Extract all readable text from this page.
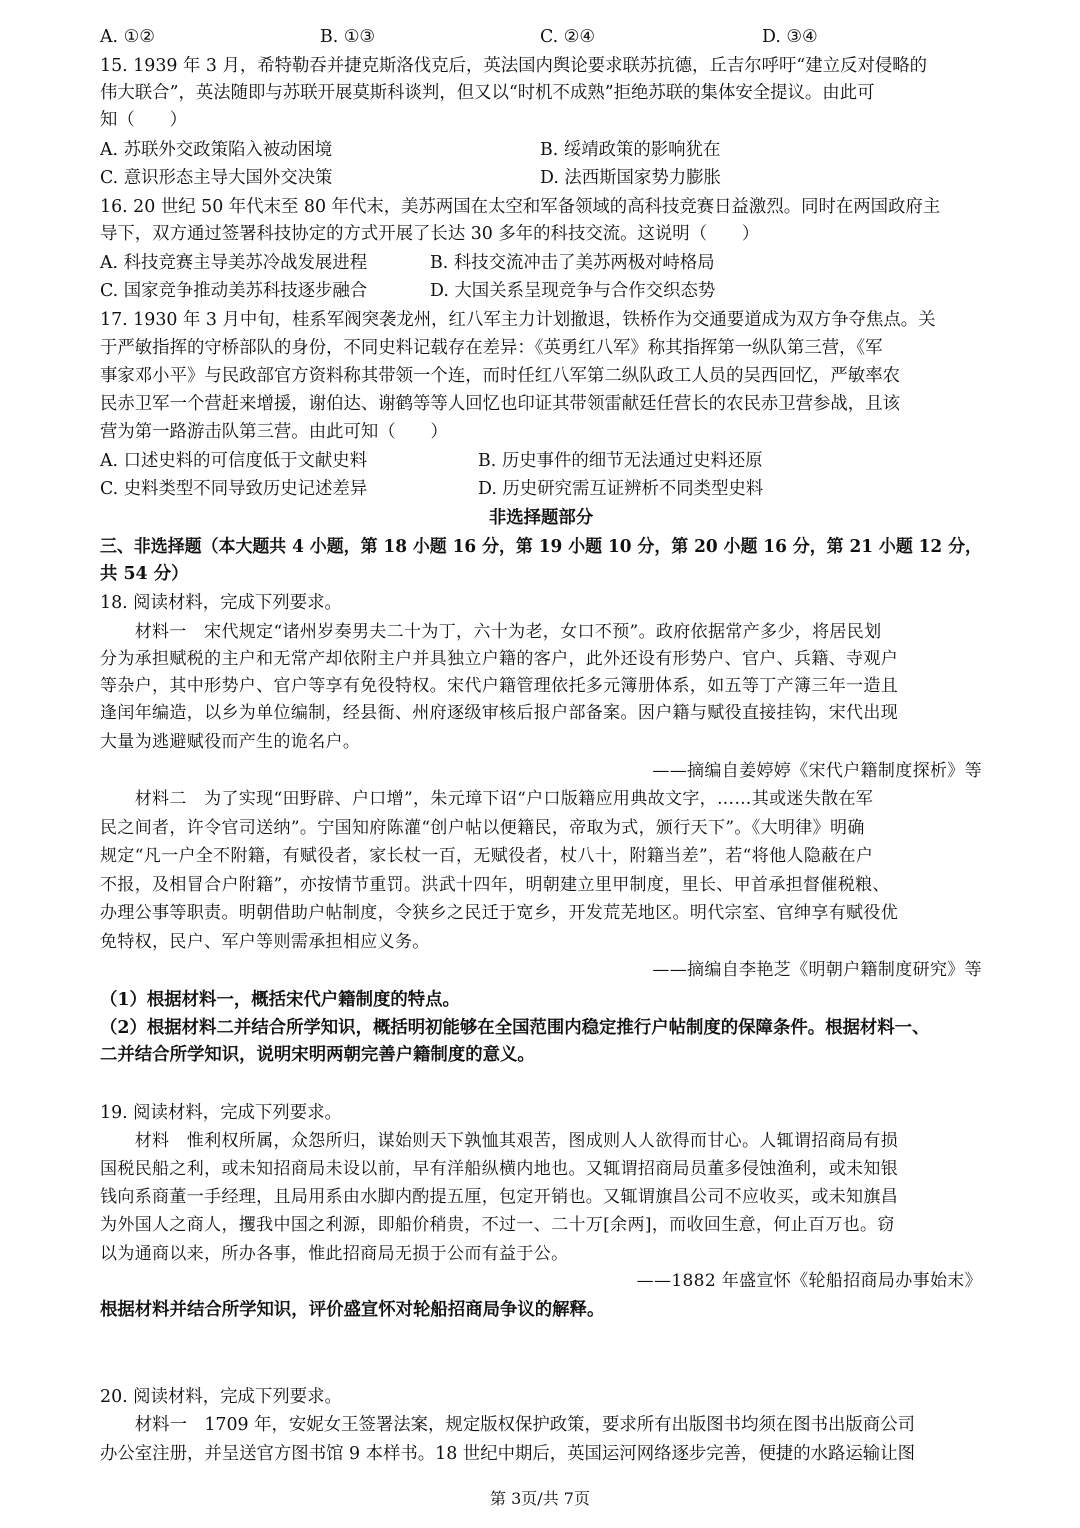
A. ①②	B. ①③	C. ②④	D. ③④
15. 1939 年 3 月，希特勒吞并捷克斯洛伐克后，英法国内舆论要求联苏抗德，丘吉尔呼吁“建立反对侵略的
伟大联合”，英法随即与苏联开展莫斯科谈判，但又以“时机不成熟”拒绝苏联的集体安全提议。由此可
知（　　）
A. 苏联外交政策陷入被动困境	B. 绥靖政策的影响犹在
C. 意识形态主导大国外交决策	D. 法西斯国家势力膨胀
16. 20 世纪 50 年代末至 80 年代末，美苏两国在太空和军备领域的高科技竞赛日益激烈。同时在两国政府主
导下，双方通过签署科技协定的方式开展了长达 30 多年的科技交流。这说明（　　）
A. 科技竞赛主导美苏冷战发展进程	B. 科技交流冲击了美苏两极对峙格局
C. 国家竞争推动美苏科技逐步融合	D. 大国关系呈现竞争与合作交织态势
17. 1930 年 3 月中旬，桂系军阀突袭龙州，红八军主力计划撤退，铁桥作为交通要道成为双方争夺焦点。关
于严敏指挥的守桥部队的身份，不同史料记载存在差异：《英勇红八军》称其指挥第一纵队第三营，《军
事家邓小平》与民政部官方资料称其带领一个连，而时任红八军第二纵队政工人员的吴西回忆，严敏率农
民赤卫军一个营赶来增援，谢伯达、谢鹤等等人回忆也印证其带领雷献廷任营长的农民赤卫营参战，且该
营为第一路游击队第三营。由此可知（　　）
A. 口述史料的可信度低于文献史料	B. 历史事件的细节无法通过史料还原
C. 史料类型不同导致历史记述差异	D. 历史研究需互证辨析不同类型史料
非选择题部分
三、非选择题（本大题共 4 小题，第 18 小题 16 分，第 19 小题 10 分，第 20 小题 16 分，第 21 小题 12 分，
共 54 分）
18. 阅读材料，完成下列要求。
　　材料一　宋代规定“诸州岁奏男夫二十为丁，六十为老，女口不预”。政府依据常产多少，将居民划
分为承担赋税的主户和无常产却依附主户并具独立户籍的客户，此外还设有形势户、官户、兵籍、寺观户
等杂户，其中形势户、官户等享有免役特权。宋代户籍管理依托多元簿册体系，如五等丁产簿三年一造且
逢闰年编造，以乡为单位编制，经县衙、州府逐级审核后报户部备案。因户籍与赋役直接挂钩，宋代出现
大量为逃避赋役而产生的诡名户。
——摘编自姜婷婷《宋代户籍制度探析》等
　　材料二　为了实现“田野辟、户口增”，朱元璋下诏“户口版籍应用典故文字，……其或迷失散在军
民之间者，许令官司送纳”。宁国知府陈灌“创户帖以便籍民，帝取为式，颁行天下”。《大明律》明确
规定“凡一户全不附籍，有赋役者，家长杖一百，无赋役者，杖八十，附籍当差”，若“将他人隐蔽在户
不报，及相冒合户附籍”，亦按情节重罚。洪武十四年，明朝建立里甲制度，里长、甲首承担督催税粮、
办理公事等职责。明朝借助户帖制度，令狭乡之民迁于宽乡，开发荒芜地区。明代宗室、官绅享有赋役优
免特权，民户、军户等则需承担相应义务。
——摘编自李艳芝《明朝户籍制度研究》等
（1）根据材料一，概括宋代户籍制度的特点。
（2）根据材料二并结合所学知识，概括明初能够在全国范围内稳定推行户帖制度的保障条件。根据材料一、
二并结合所学知识，说明宋明两朝完善户籍制度的意义。
19. 阅读材料，完成下列要求。
　　材料　惟利权所属，众怨所归，谋始则天下孰恤其艰苦，图成则人人欲得而甘心。人辄谓招商局有损
国税民船之利，或未知招商局未设以前，早有洋船纵横内地也。又辄谓招商局员董多侵蚀渔利，或未知银
钱向系商董一手经理，且局用系由水脚内酌提五厘，包定开销也。又辄谓旗昌公司不应收买，或未知旗昌
为外国人之商人，攫我中国之利源，即船价稍贵，不过一、二十万[余两]，而收回生意，何止百万也。窃
以为通商以来，所办各事，惟此招商局无损于公而有益于公。
——1882 年盛宣怀《轮船招商局办事始末》
根据材料并结合所学知识，评价盛宣怀对轮船招商局争议的解释。
20. 阅读材料，完成下列要求。
　　材料一　1709 年，安妮女王签署法案，规定版权保护政策，要求所有出版图书均须在图书出版商公司
办公室注册，并呈送官方图书馆 9 本样书。18 世纪中期后，英国运河网络逐步完善，便捷的水路运输让图
第 3页/共 7页
